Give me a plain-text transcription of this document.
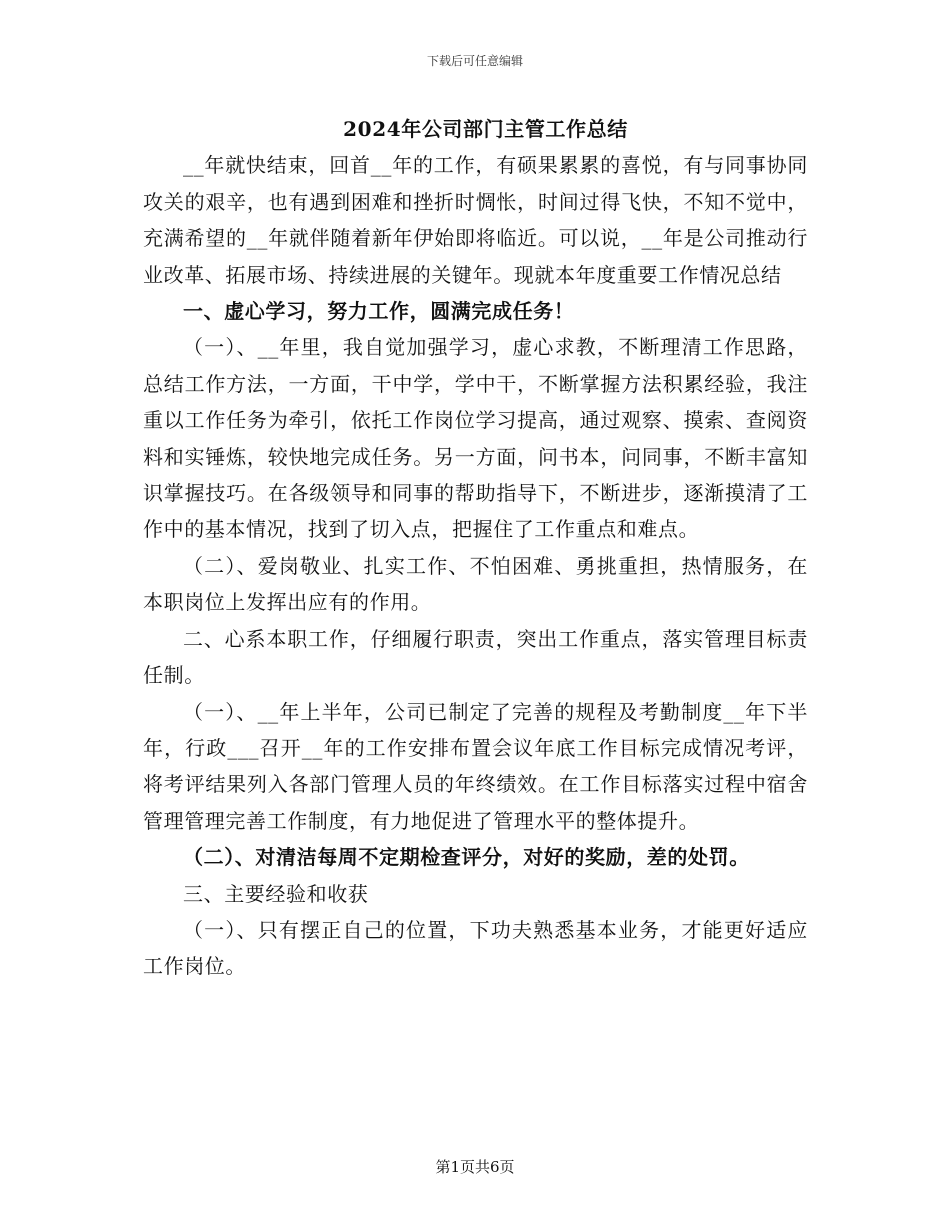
下载后可任意编辑

2024年公司部门主管工作总结

__年就快结束，回首__年的工作，有硕果累累的喜悦，有与同事协同攻关的艰辛，也有遇到困难和挫折时惆怅，时间过得飞快，不知不觉中，充满希望的__年就伴随着新年伊始即将临近。可以说，__年是公司推动行业改革、拓展市场、持续进展的关键年。现就本年度重要工作情况总结

一、虚心学习，努力工作，圆满完成任务！

（一）、__年里，我自觉加强学习，虚心求教，不断理清工作思路，总结工作方法，一方面，干中学，学中干，不断掌握方法积累经验，我注重以工作任务为牵引，依托工作岗位学习提高，通过观察、摸索、查阅资料和实锤炼，较快地完成任务。另一方面，问书本，问同事，不断丰富知识掌握技巧。在各级领导和同事的帮助指导下，不断进步，逐渐摸清了工作中的基本情况，找到了切入点，把握住了工作重点和难点。

（二）、爱岗敬业、扎实工作、不怕困难、勇挑重担，热情服务，在本职岗位上发挥出应有的作用。

二、心系本职工作，仔细履行职责，突出工作重点，落实管理目标责任制。

（一）、__年上半年，公司已制定了完善的规程及考勤制度__年下半年，行政___召开__年的工作安排布置会议年底工作目标完成情况考评，将考评结果列入各部门管理人员的年终绩效。在工作目标落实过程中宿舍管理管理完善工作制度，有力地促进了管理水平的整体提升。

（二）、对清洁每周不定期检查评分，对好的奖励，差的处罚。

三、主要经验和收获

（一）、只有摆正自己的位置，下功夫熟悉基本业务，才能更好适应工作岗位。

第1页共6页
